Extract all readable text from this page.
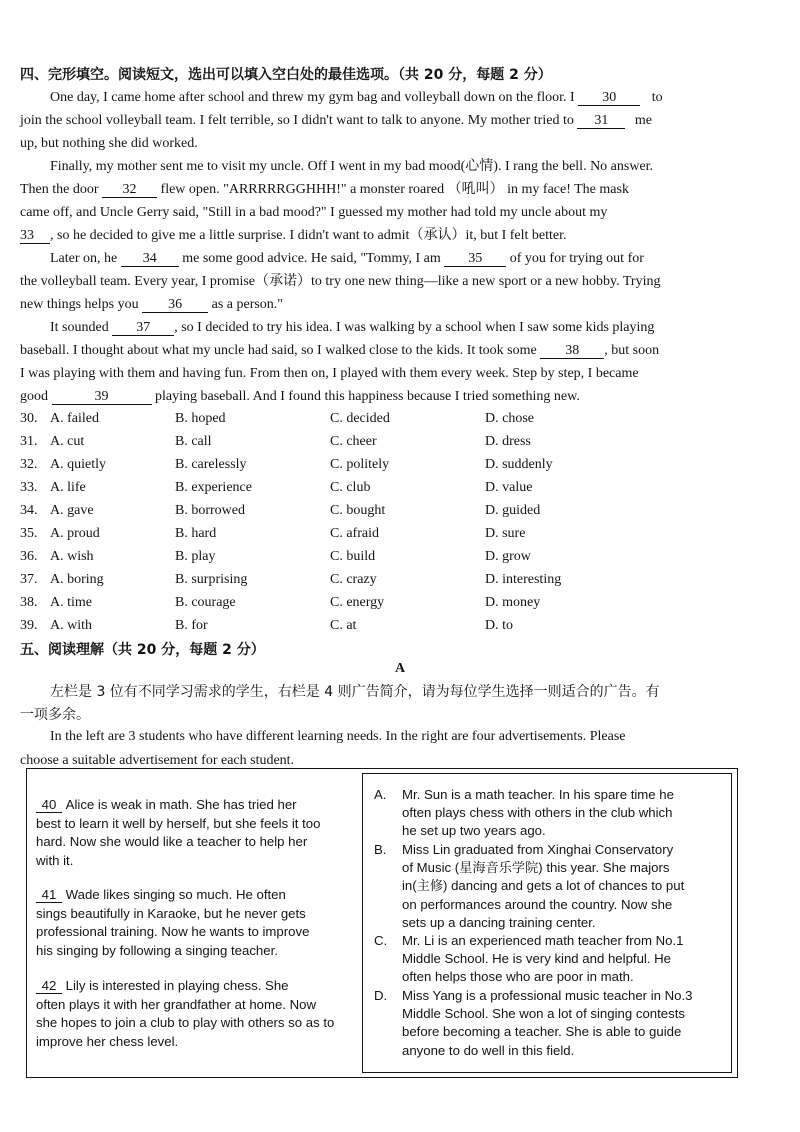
四、完形填空。阅读短文，选出可以填入空白处的最佳选项。（共 20 分，每题 2 分）
One day, I came home after school and threw my gym bag and volleyball down on the floor. I 30	to
join the school volleyball team. I felt terrible, so I didn't want to talk to anyone. My mother tried to 31 me
up, but nothing she did worked.
Finally, my mother sent me to visit my uncle. Off I went in my bad mood(心情). I rang the bell. No answer.
Then the door 32 flew open. "ARRRRRGGHHH!" a monster roared （吼叫） in my face! The mask
came off, and Uncle Gerry said, "Still in a bad mood?" I guessed my mother had told my uncle about my
33 , so he decided to give me a little surprise. I didn't want to admit（承认）it, but I felt better.
Later on, he 34 me some good advice. He said, "Tommy, I am 35 of you for trying out for
the volleyball team. Every year, I promise（承诺）to try one new thing—like a new sport or a new hobby. Trying
new things helps you 36 as a person."
It sounded 37 , so I decided to try his idea. I was walking by a school when I saw some kids playing
baseball. I thought about what my uncle had said, so I walked close to the kids. It took some 38 , but soon
I was playing with them and having fun. From then on, I played with them every week. Step by step, I became
good	39	playing baseball. And I found this happiness because I tried something new.
30. A. failed	B. hoped	C. decided	D. chose
31. A. cut	B. call	C. cheer	D. dress
32. A. quietly	B. carelessly	C. politely	D. suddenly
33. A. life	B. experience	C. club	D. value
34. A. gave	B. borrowed	C. bought	D. guided
35. A. proud	B. hard	C. afraid	D. sure
36. A. wish	B. play	C. build	D. grow
37. A. boring	B. surprising	C. crazy	D. interesting
38. A. time	B. courage	C. energy	D. money
39. A. with	B. for	C. at	D. to
五、阅读理解（共 20 分，每题 2 分）
A
左栏是 3 位有不同学习需求的学生，右栏是 4 则广告简介，请为每位学生选择一则适合的广告。有
一项多余。
In the left are 3 students who have different learning needs. In the right are four advertisements. Please
choose a suitable advertisement for each student.
40 Alice is weak in math. She has tried her
best to learn it well by herself, but she feels it too
hard. Now she would like a teacher to help her
with it.
41 Wade likes singing so much. He often
sings beautifully in Karaoke, but he never gets
professional training. Now he wants to improve
his singing by following a singing teacher.
42 Lily is interested in playing chess. She
often plays it with her grandfather at home. Now
she hopes to join a club to play with others so as to
improve her chess level.
A. Mr. Sun is a math teacher. In his spare time he
often plays chess with others in the club which
he set up two years ago.
B. Miss Lin graduated from Xinghai Conservatory
of Music (星海音乐学院) this year. She majors
in(主修) dancing and gets a lot of chances to put
on performances around the country. Now she
sets up a dancing training center.
C. Mr. Li is an experienced math teacher from No.1
Middle School. He is very kind and helpful. He
often helps those who are poor in math.
D. Miss Yang is a professional music teacher in No.3
Middle School. She won a lot of singing contests
before becoming a teacher. She is able to guide
anyone to do well in this field.
